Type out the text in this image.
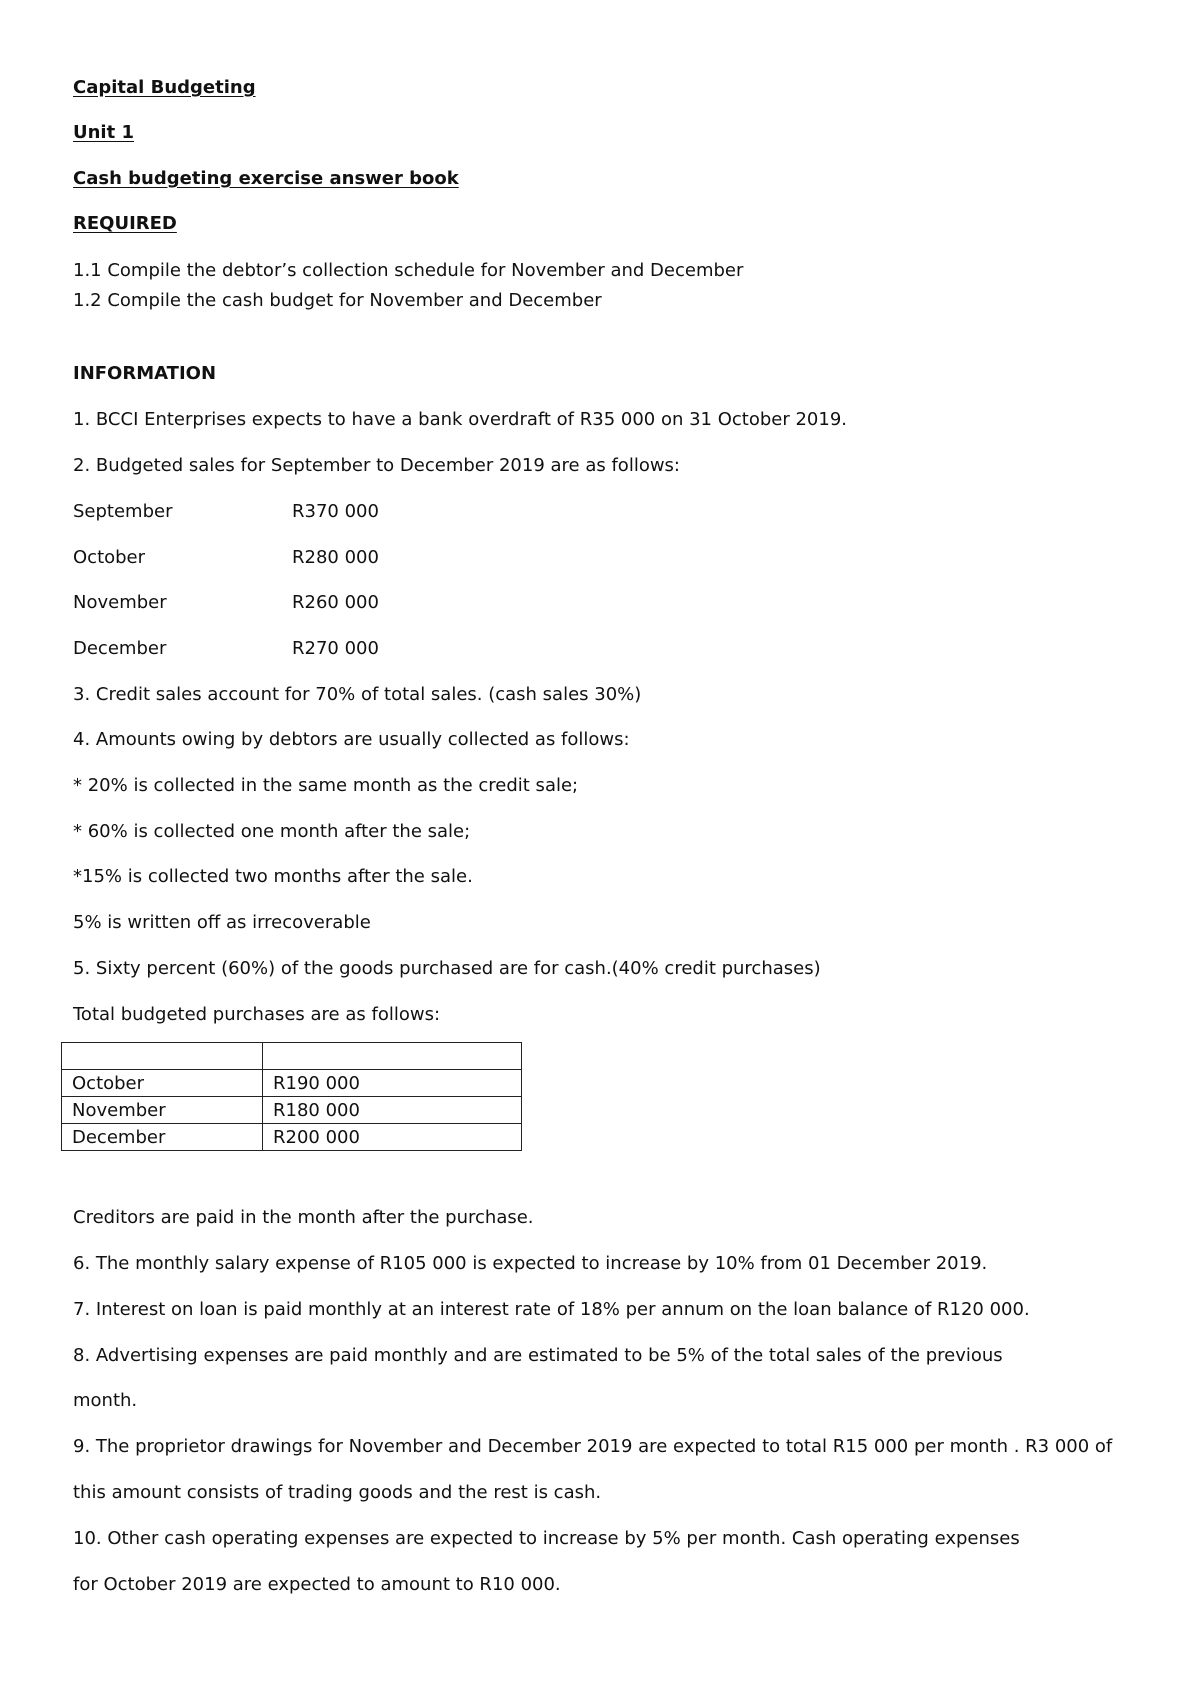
Capital Budgeting

Unit 1

Cash budgeting exercise answer book

REQUIRED

1.1 Compile the debtor’s collection schedule for November and December

1.2 Compile the cash budget for November and December

INFORMATION

1. BCCI Enterprises expects to have a bank overdraft of R35 000 on 31 October 2019.

2. Budgeted sales for September to December 2019 are as follows:

September	R370 000

October	R280 000

November	R260 000

December	R270 000

3. Credit sales account for 70% of total sales. (cash sales 30%)

4. Amounts owing by debtors are usually collected as follows:

* 20% is collected in the same month as the credit sale;

* 60% is collected one month after the sale;

*15% is collected two months after the sale.

5% is written off as irrecoverable

5. Sixty percent (60%) of the goods purchased are for cash.(40% credit purchases)

Total budgeted purchases are as follows:

October	R190 000
November	R180 000
December	R200 000

Creditors are paid in the month after the purchase.

6. The monthly salary expense of R105 000 is expected to increase by 10% from 01 December 2019.

7. Interest on loan is paid monthly at an interest rate of 18% per annum on the loan balance of R120 000.

8. Advertising expenses are paid monthly and are estimated to be 5% of the total sales of the previous

month.

9. The proprietor drawings for November and December 2019 are expected to total R15 000 per month . R3 000 of

this amount consists of trading goods and the rest is cash.

10. Other cash operating expenses are expected to increase by 5% per month. Cash operating expenses

for October 2019 are expected to amount to R10 000.
